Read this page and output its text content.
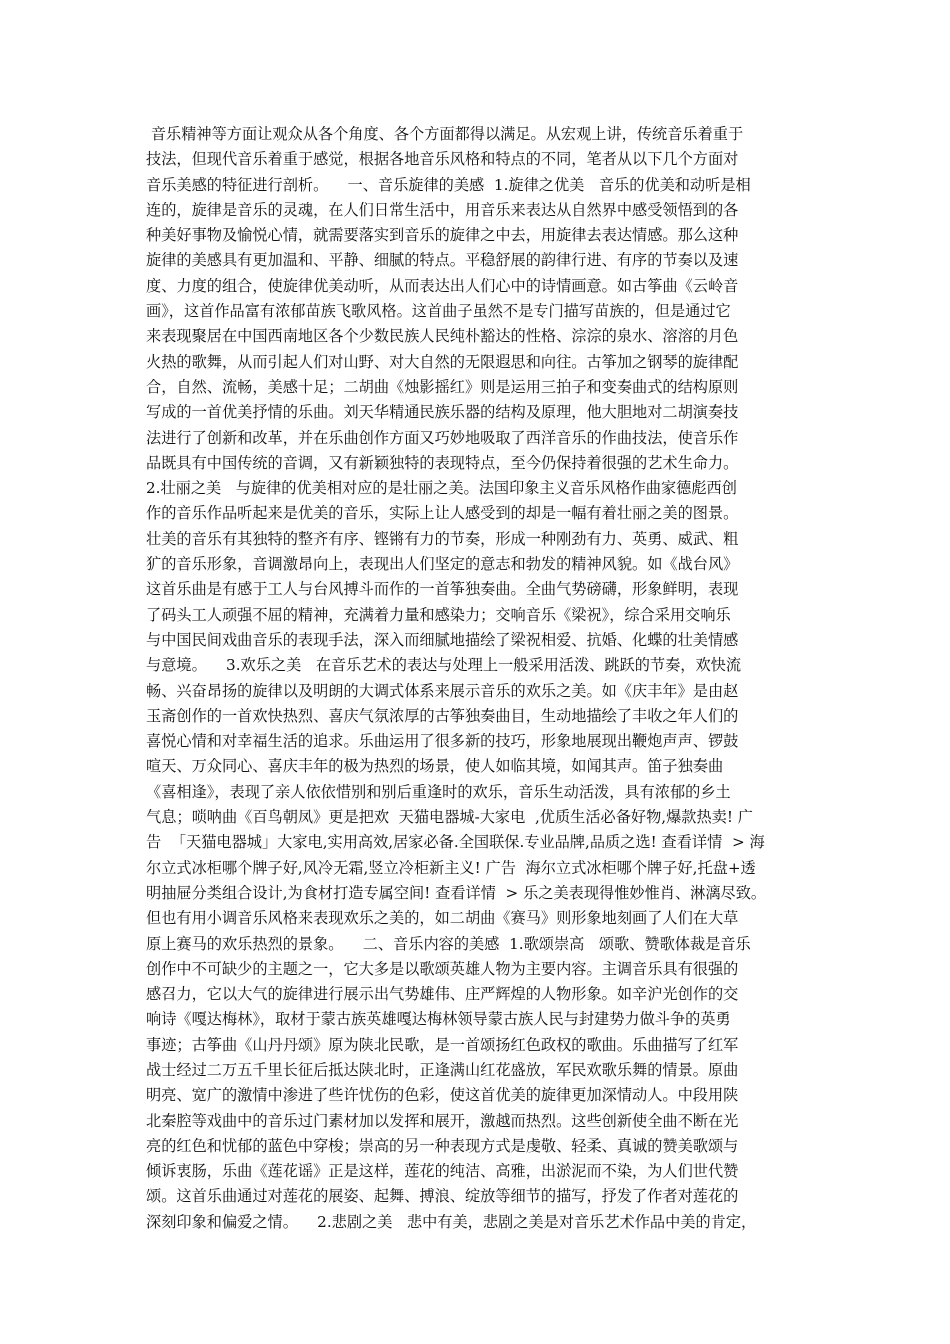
音乐精神等方面让观众从各个角度、各个方面都得以满足。从宏观上讲，传统音乐着重于
技法，但现代音乐着重于感觉，根据各地音乐风格和特点的不同，笔者从以下几个方面对
音乐美感的特征进行剖析。    一、音乐旋律的美感  1.旋律之优美   音乐的优美和动听是相
连的，旋律是音乐的灵魂，在人们日常生活中，用音乐来表达从自然界中感受领悟到的各
种美好事物及愉悦心情，就需要落实到音乐的旋律之中去，用旋律去表达情感。那么这种
旋律的美感具有更加温和、平静、细腻的特点。平稳舒展的韵律行进、有序的节奏以及速
度、力度的组合，使旋律优美动听，从而表达出人们心中的诗情画意。如古筝曲《云岭音
画》，这首作品富有浓郁苗族飞歌风格。这首曲子虽然不是专门描写苗族的，但是通过它
来表现聚居在中国西南地区各个少数民族人民纯朴豁达的性格、淙淙的泉水、溶溶的月色
火热的歌舞，从而引起人们对山野、对大自然的无限遐思和向往。古筝加之钢琴的旋律配
合，自然、流畅，美感十足；二胡曲《烛影摇红》则是运用三拍子和变奏曲式的结构原则
写成的一首优美抒情的乐曲。刘天华精通民族乐器的结构及原理，他大胆地对二胡演奏技
法进行了创新和改革，并在乐曲创作方面又巧妙地吸取了西洋音乐的作曲技法，使音乐作
品既具有中国传统的音调，又有新颖独特的表现特点，至今仍保持着很强的艺术生命力。
2.壮丽之美   与旋律的优美相对应的是壮丽之美。法国印象主义音乐风格作曲家德彪西创
作的音乐作品听起来是优美的音乐，实际上让人感受到的却是一幅有着壮丽之美的图景。
壮美的音乐有其独特的整齐有序、铿锵有力的节奏，形成一种刚劲有力、英勇、威武、粗
犷的音乐形象，音调激昂向上，表现出人们坚定的意志和勃发的精神风貌。如《战台风》
这首乐曲是有感于工人与台风搏斗而作的一首筝独奏曲。全曲气势磅礴，形象鲜明，表现
了码头工人顽强不屈的精神，充满着力量和感染力；交响音乐《梁祝》，综合采用交响乐
与中国民间戏曲音乐的表现手法，深入而细腻地描绘了梁祝相爱、抗婚、化蝶的壮美情感
与意境。    3.欢乐之美   在音乐艺术的表达与处理上一般采用活泼、跳跃的节奏，欢快流
畅、兴奋昂扬的旋律以及明朗的大调式体系来展示音乐的欢乐之美。如《庆丰年》是由赵
玉斋创作的一首欢快热烈、喜庆气氛浓厚的古筝独奏曲目，生动地描绘了丰收之年人们的
喜悦心情和对幸福生活的追求。乐曲运用了很多新的技巧，形象地展现出鞭炮声声、锣鼓
喧天、万众同心、喜庆丰年的极为热烈的场景，使人如临其境，如闻其声。笛子独奏曲
《喜相逢》，表现了亲人依依惜别和别后重逢时的欢乐，音乐生动活泼，具有浓郁的乡土
气息；唢呐曲《百鸟朝凤》更是把欢  天猫电器城-大家电  ,优质生活必备好物,爆款热卖! 广
告  「天猫电器城」大家电,实用高效,居家必备.全国联保.专业品牌,品质之选! 查看详情  > 海
尔立式冰柜哪个牌子好,风冷无霜,竖立冷柜新主义! 广告  海尔立式冰柜哪个牌子好,托盘+透
明抽屉分类组合设计,为食材打造专属空间! 查看详情  > 乐之美表现得惟妙惟肖、淋漓尽致。
但也有用小调音乐风格来表现欢乐之美的，如二胡曲《赛马》则形象地刻画了人们在大草
原上赛马的欢乐热烈的景象。    二、音乐内容的美感  1.歌颂崇高   颂歌、赞歌体裁是音乐
创作中不可缺少的主题之一，它大多是以歌颂英雄人物为主要内容。主调音乐具有很强的
感召力，它以大气的旋律进行展示出气势雄伟、庄严辉煌的人物形象。如辛沪光创作的交
响诗《嘎达梅林》，取材于蒙古族英雄嘎达梅林领导蒙古族人民与封建势力做斗争的英勇
事迹；古筝曲《山丹丹颂》原为陕北民歌，是一首颂扬红色政权的歌曲。乐曲描写了红军
战士经过二万五千里长征后抵达陕北时，正逢满山红花盛放，军民欢歌乐舞的情景。原曲
明亮、宽广的激情中渗进了些许忧伤的色彩，使这首优美的旋律更加深情动人。中段用陕
北秦腔等戏曲中的音乐过门素材加以发挥和展开，激越而热烈。这些创新使全曲不断在光
亮的红色和忧郁的蓝色中穿梭；崇高的另一种表现方式是虔敬、轻柔、真诚的赞美歌颂与
倾诉衷肠，乐曲《莲花谣》正是这样，莲花的纯洁、高雅，出淤泥而不染，为人们世代赞
颂。这首乐曲通过对莲花的展姿、起舞、搏浪、绽放等细节的描写，抒发了作者对莲花的
深刻印象和偏爱之情。    2.悲剧之美   悲中有美，悲剧之美是对音乐艺术作品中美的肯定，
